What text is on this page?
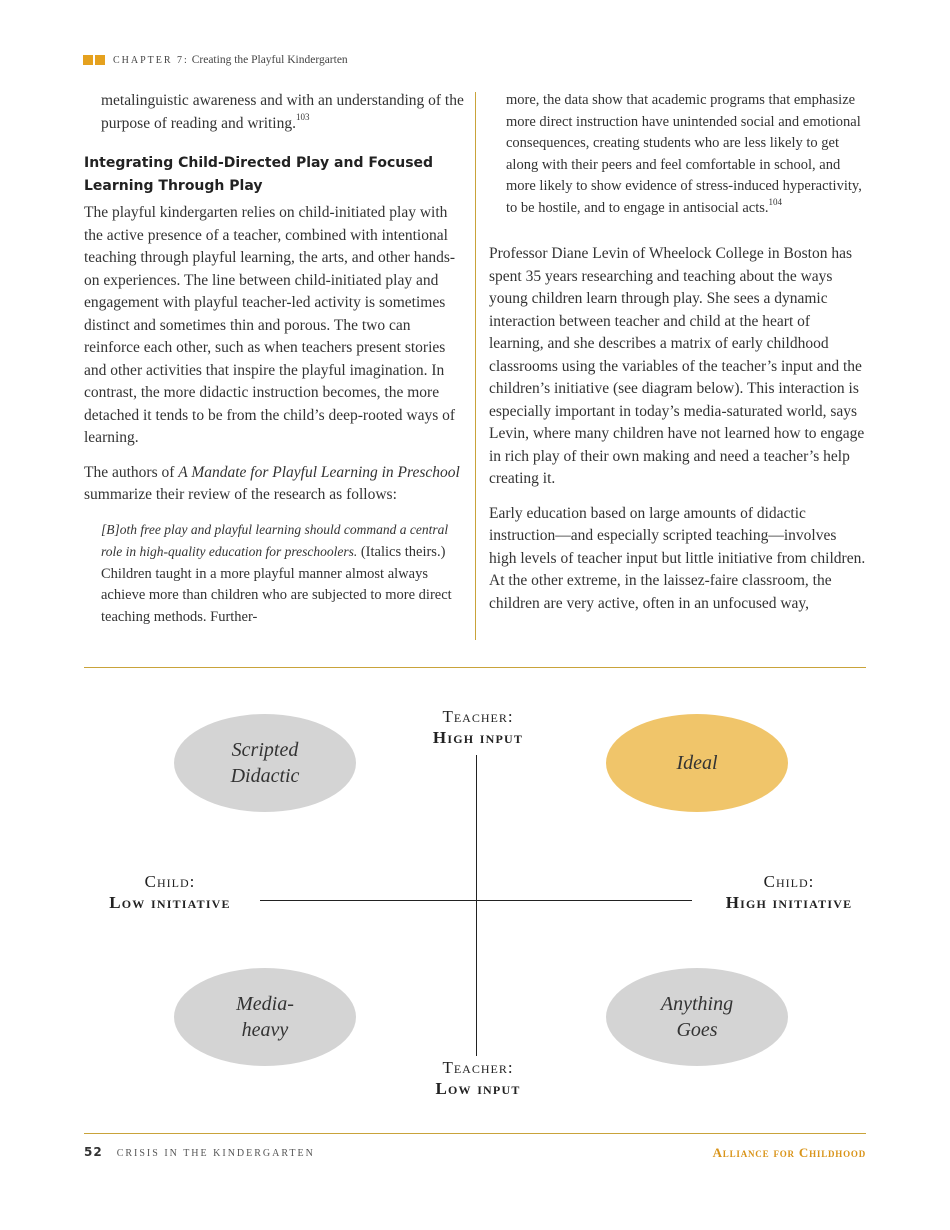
CHAPTER 7: Creating the Playful Kindergarten

metalinguistic awareness and with an understanding of the purpose of reading and writing.$^{103}$

Integrating Child-Directed Play and Focused Learning Through Play

The playful kindergarten relies on child-initiated play with the active presence of a teacher, combined with intentional teaching through playful learning, the arts, and other hands-on experiences. The line between child-initiated play and engagement with playful teacher-led activity is sometimes distinct and sometimes thin and porous. The two can reinforce each other, such as when teachers present stories and other activities that inspire the playful imagination. In contrast, the more didactic instruction becomes, the more detached it tends to be from the child’s deep-rooted ways of learning.

The authors of A Mandate for Playful Learning in Preschool summarize their review of the research as follows:

[B]oth free play and playful learning should command a central role in high-quality education for preschoolers. (Italics theirs.) Children taught in a more playful manner almost always achieve more than children who are subjected to more direct teaching methods. Further-

more, the data show that academic programs that emphasize more direct instruction have unintended social and emotional consequences, creating students who are less likely to get along with their peers and feel comfortable in school, and more likely to show evidence of stress-induced hyperactivity, to be hostile, and to engage in antisocial acts.$^{104}$

Professor Diane Levin of Wheelock College in Boston has spent 35 years researching and teaching about the ways young children learn through play. She sees a dynamic interaction between teacher and child at the heart of learning, and she describes a matrix of early childhood classrooms using the variables of the teacher’s input and the children’s initiative (see diagram below). This interaction is especially important in today’s media-saturated world, says Levin, where many children have not learned how to engage in rich play of their own making and need a teacher’s help creating it.

Early education based on large amounts of didactic instruction—and especially scripted teaching—involves high levels of teacher input but little initiative from children. At the other extreme, in the laissez-faire classroom, the children are very active, often in an unfocused way,

Teacher:
High input
Teacher:
Low input
Child:
Low initiative
Child:
High initiative
Scripted
Didactic
Ideal
Media-
heavy
Anything
Goes
52 CRISIS IN THE KINDERGARTEN	Alliance for Childhood
